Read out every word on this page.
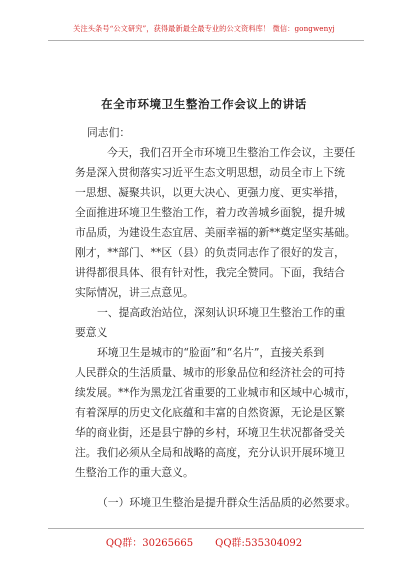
关注头条号“公文研究”，获得最新最全最专业的公文资料库！ 微信：gongwenyj
在全市环境卫生整治工作会议上的讲话
同志们：
今天，我们召开全市环境卫生整治工作会议，主要任
务是深入贯彻落实习近平生态文明思想，动员全市上下统
一思想、凝聚共识，以更大决心、更强力度、更实举措，
全面推进环境卫生整治工作，着力改善城乡面貌，提升城
市品质，为建设生态宜居、美丽幸福的新**奠定坚实基础。
刚才，**部门、**区（县）的负责同志作了很好的发言，
讲得都很具体、很有针对性，我完全赞同。下面，我结合
实际情况，讲三点意见。
一、提高政治站位，深刻认识环境卫生整治工作的重
要意义
环境卫生是城市的“脸面”和“名片”，直接关系到
人民群众的生活质量、城市的形象品位和经济社会的可持
续发展。**作为黑龙江省重要的工业城市和区域中心城市，
有着深厚的历史文化底蕴和丰富的自然资源，无论是区繁
华的商业街，还是县宁静的乡村，环境卫生状况都备受关
注。我们必须从全局和战略的高度，充分认识开展环境卫
生整治工作的重大意义。
（一）环境卫生整治是提升群众生活品质的必然要求。
QQ群：30265665 QQ群:535304092
